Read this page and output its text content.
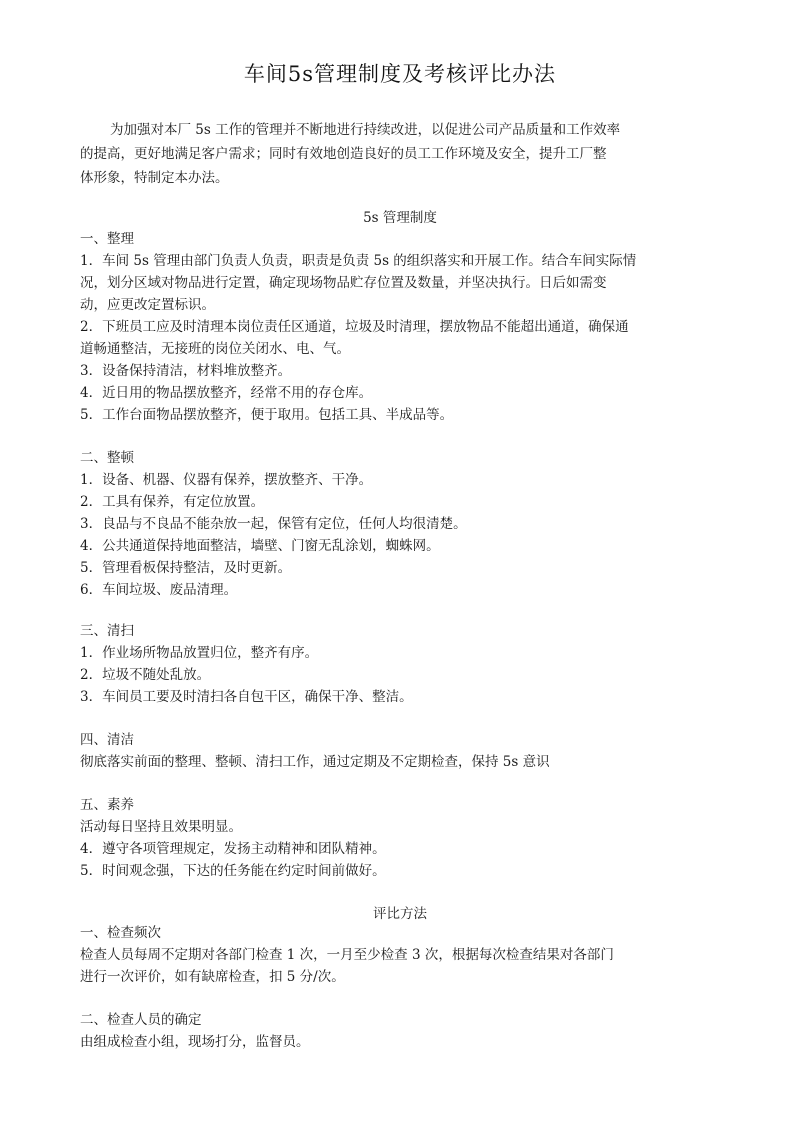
车间5s管理制度及考核评比办法

为加强对本厂 5s 工作的管理并不断地进行持续改进，以促进公司产品质量和工作效率

的提高，更好地满足客户需求；同时有效地创造良好的员工工作环境及安全，提升工厂整

体形象，特制定本办法。

5s 管理制度

一、整理

1．车间 5s 管理由部门负责人负责，职责是负责 5s 的组织落实和开展工作。结合车间实际情

况，划分区域对物品进行定置，确定现场物品贮存位置及数量，并坚决执行。日后如需变

动，应更改定置标识。

2．下班员工应及时清理本岗位责任区通道，垃圾及时清理，摆放物品不能超出通道，确保通

道畅通整洁，无接班的岗位关闭水、电、气。

3．设备保持清洁，材料堆放整齐。

4．近日用的物品摆放整齐，经常不用的存仓库。

5．工作台面物品摆放整齐，便于取用。包括工具、半成品等。

二、整顿

1．设备、机器、仪器有保养，摆放整齐、干净。

2．工具有保养，有定位放置。

3．良品与不良品不能杂放一起，保管有定位，任何人均很清楚。

4．公共通道保持地面整洁，墙壁、门窗无乱涂划，蜘蛛网。

5．管理看板保持整洁，及时更新。

6．车间垃圾、废品清理。

三、清扫

1．作业场所物品放置归位，整齐有序。

2．垃圾不随处乱放。

3．车间员工要及时清扫各自包干区，确保干净、整洁。

四、清洁

彻底落实前面的整理、整顿、清扫工作，通过定期及不定期检查，保持 5s 意识

五、素养

活动每日坚持且效果明显。

4．遵守各项管理规定，发扬主动精神和团队精神。

5．时间观念强，下达的任务能在约定时间前做好。

评比方法

一、检查频次

检查人员每周不定期对各部门检查 1 次，一月至少检查 3 次，根据每次检查结果对各部门

进行一次评价，如有缺席检查，扣 5 分/次。

二、检查人员的确定

由组成检查小组，现场打分，监督员。
